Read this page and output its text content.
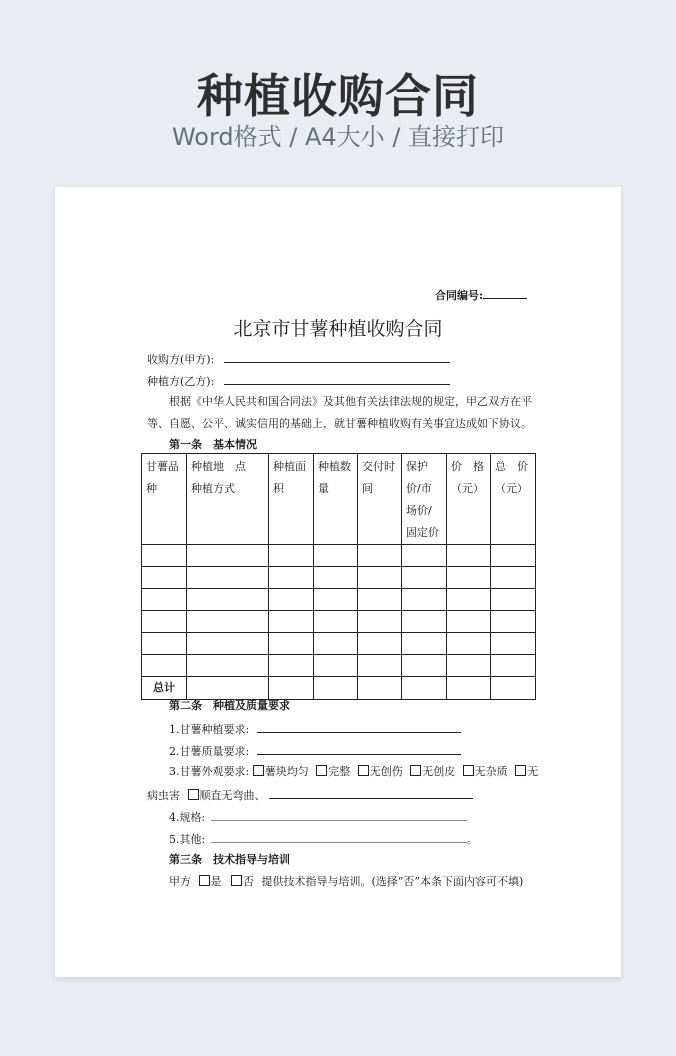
种植收购合同
Word格式 / A4大小 / 直接打印
合同编号:
北京市甘薯种植收购合同
收购方(甲方):
种植方(乙方):
根据《中华人民共和国合同法》及其他有关法律法规的规定，甲乙双方在平
等、自愿、公平、诚实信用的基础上，就甘薯种植收购有关事宜达成如下协议。
第一条　基本情况
甘薯品种	种植地　点　　种植方式	种植面积	种植数量	交付时间	保护价/市场价/固定价	价　格（元）	总　价（元）

总计							
第二条　种植及质量要求
1.甘薯种植要求:
2.甘薯质量要求:
3.甘薯外观要求: 薯块均匀 完整 无创伤 无创皮 无杂质 无
病虫害 顺直无弯曲、
4.规格:
5.其他:	。
第三条　技术指导与培训
甲方 是 否 提供技术指导与培训。(选择“否”本条下面内容可不填)
